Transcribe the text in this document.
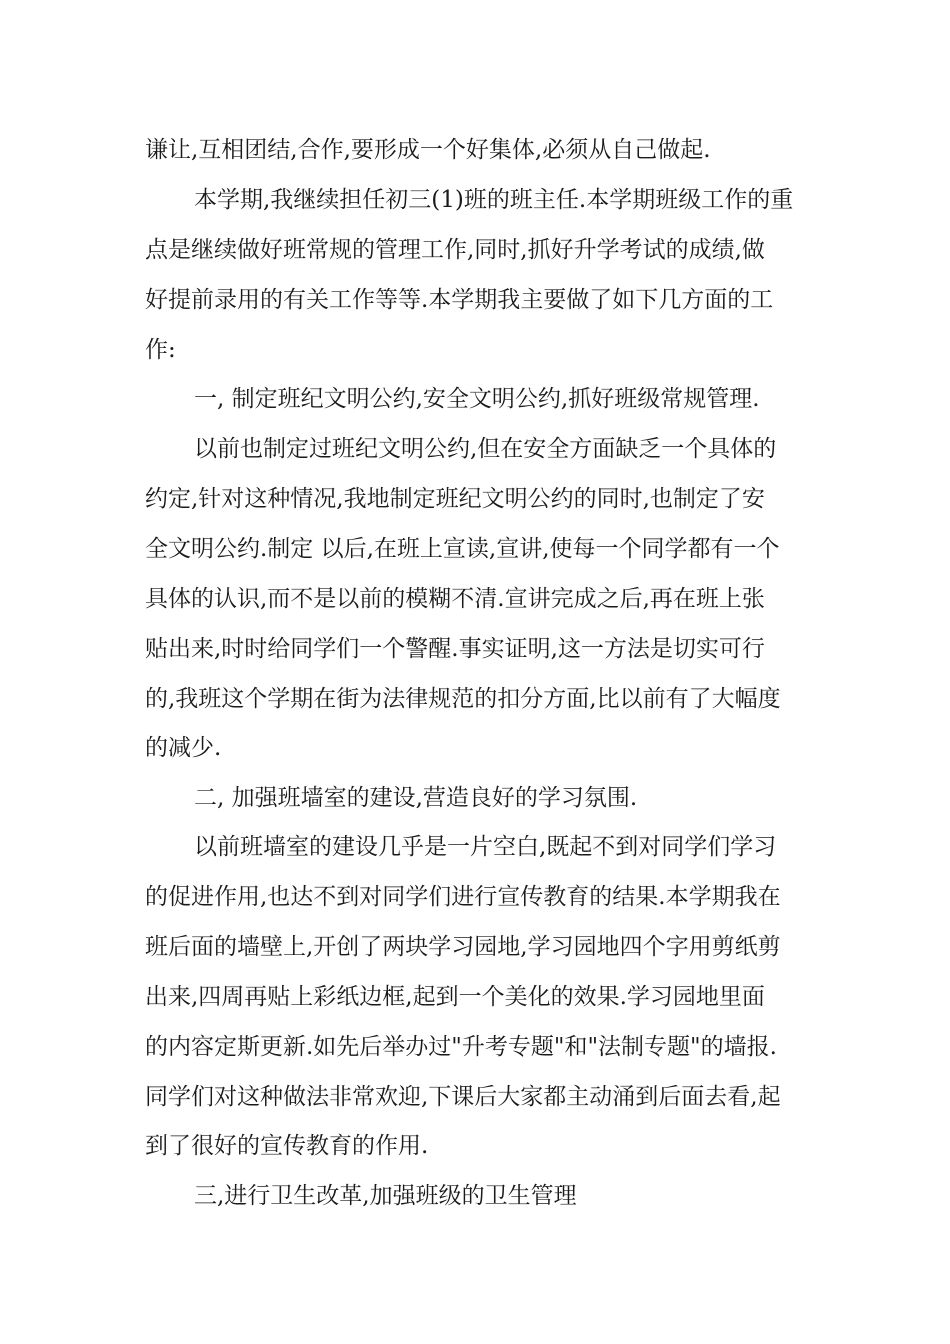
谦让,互相团结,合作,要形成一个好集体,必须从自己做起.

本学期,我继续担任初三(1)班的班主任.本学期班级工作的重

点是继续做好班常规的管理工作,同时,抓好升学考试的成绩,做

好提前录用的有关工作等等.本学期我主要做了如下几方面的工

作:

一, 制定班纪文明公约,安全文明公约,抓好班级常规管理.

以前也制定过班纪文明公约,但在安全方面缺乏一个具体的

约定,针对这种情况,我地制定班纪文明公约的同时,也制定了安

全文明公约.制定 以后,在班上宣读,宣讲,使每一个同学都有一个

具体的认识,而不是以前的模糊不清.宣讲完成之后,再在班上张

贴出来,时时给同学们一个警醒.事实证明,这一方法是切实可行

的,我班这个学期在街为法律规范的扣分方面,比以前有了大幅度

的减少.

二, 加强班墙室的建设,营造良好的学习氛围.

以前班墙室的建设几乎是一片空白,既起不到对同学们学习

的促进作用,也达不到对同学们进行宣传教育的结果.本学期我在

班后面的墙壁上,开创了两块学习园地,学习园地四个字用剪纸剪

出来,四周再贴上彩纸边框,起到一个美化的效果.学习园地里面

的内容定斯更新.如先后举办过"升考专题"和"法制专题"的墙报.

同学们对这种做法非常欢迎,下课后大家都主动涌到后面去看,起

到了很好的宣传教育的作用.

三,进行卫生改革,加强班级的卫生管理
